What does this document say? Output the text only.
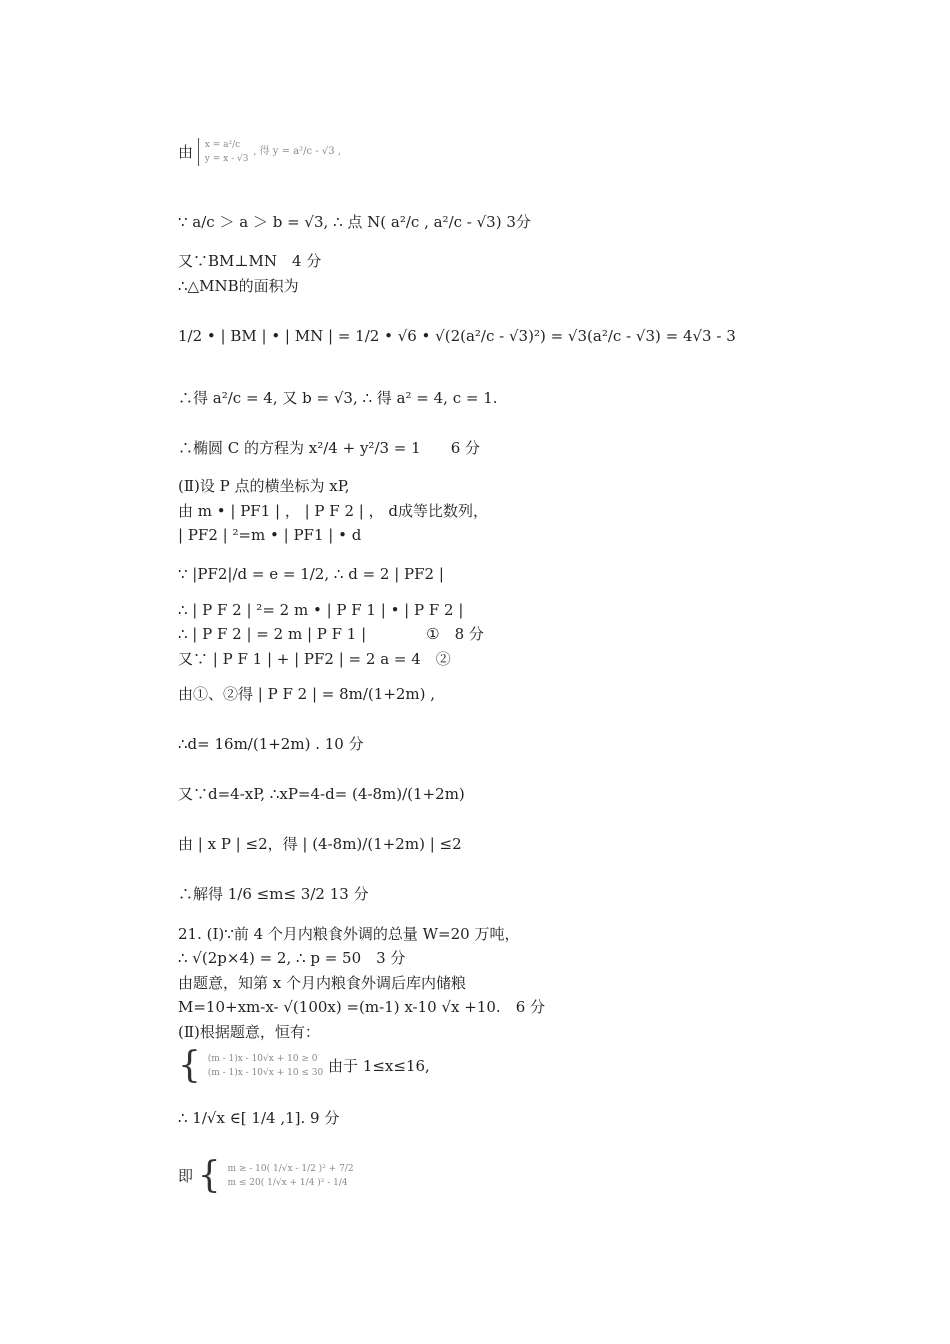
由 x = a²/c
y = x - √3
, 得 y = a²/c - √3 ,
∵ a/c ＞ a ＞ b = √3, ∴ 点 N( a²/c , a²/c - √3) 3分
又∵BM⊥MN　4 分
∴△MNB的面积为
1/2 • | BM | • | MN | = 1/2 • √6 • √(2(a²/c - √3)²) = √3(a²/c - √3) = 4√3 - 3
∴得 a²/c = 4, 又 b = √3, ∴ 得 a² = 4, c = 1.
∴椭圆 C 的方程为 x²/4 + y²/3 = 1　　6 分
(Ⅱ)设 P 点的横坐标为 xP,
由 m • | PF1 | ， | P F 2 | ， d成等比数列，
| PF2 | ²=m • | PF1 | • d
∵ |PF2|/d = e = 1/2, ∴ d = 2 | PF2 |
∴ | P F 2 | ²= 2 m • | P F 1 | • | P F 2 |
∴ | P F 2 | = 2 m | P F 1 |　　　　①　8 分
又∵ | P F 1 | + | PF2 | = 2 a = 4　②
由①、②得 | P F 2 | = 8m/(1+2m) ,
∴d= 16m/(1+2m) . 10 分
又∵d=4-xP, ∴xP=4-d= (4-8m)/(1+2m)
由 | x P | ≤2，得 | (4-8m)/(1+2m) | ≤2
∴解得 1/6 ≤m≤ 3/2 13 分
21. (Ⅰ)∵前 4 个月内粮食外调的总量 W=20 万吨，
∴ √(2p×4) = 2, ∴ p = 50　3 分
由题意，知第 x 个月内粮食外调后库内储粮
M=10+xm-x- √(100x) =(m-1) x-10 √x +10.　6 分
(Ⅱ)根据题意，恒有：
{ (m - 1)x - 10√x + 10 ≥ 0
(m - 1)x - 10√x + 10 ≤ 30 由于 1≤x≤16,
∴ 1/√x ∈[ 1/4 ,1]. 9 分
即 { m ≥ - 10( 1/√x - 1/2 )² + 7/2
m ≤ 20( 1/√x + 1/4 )² - 1/4
